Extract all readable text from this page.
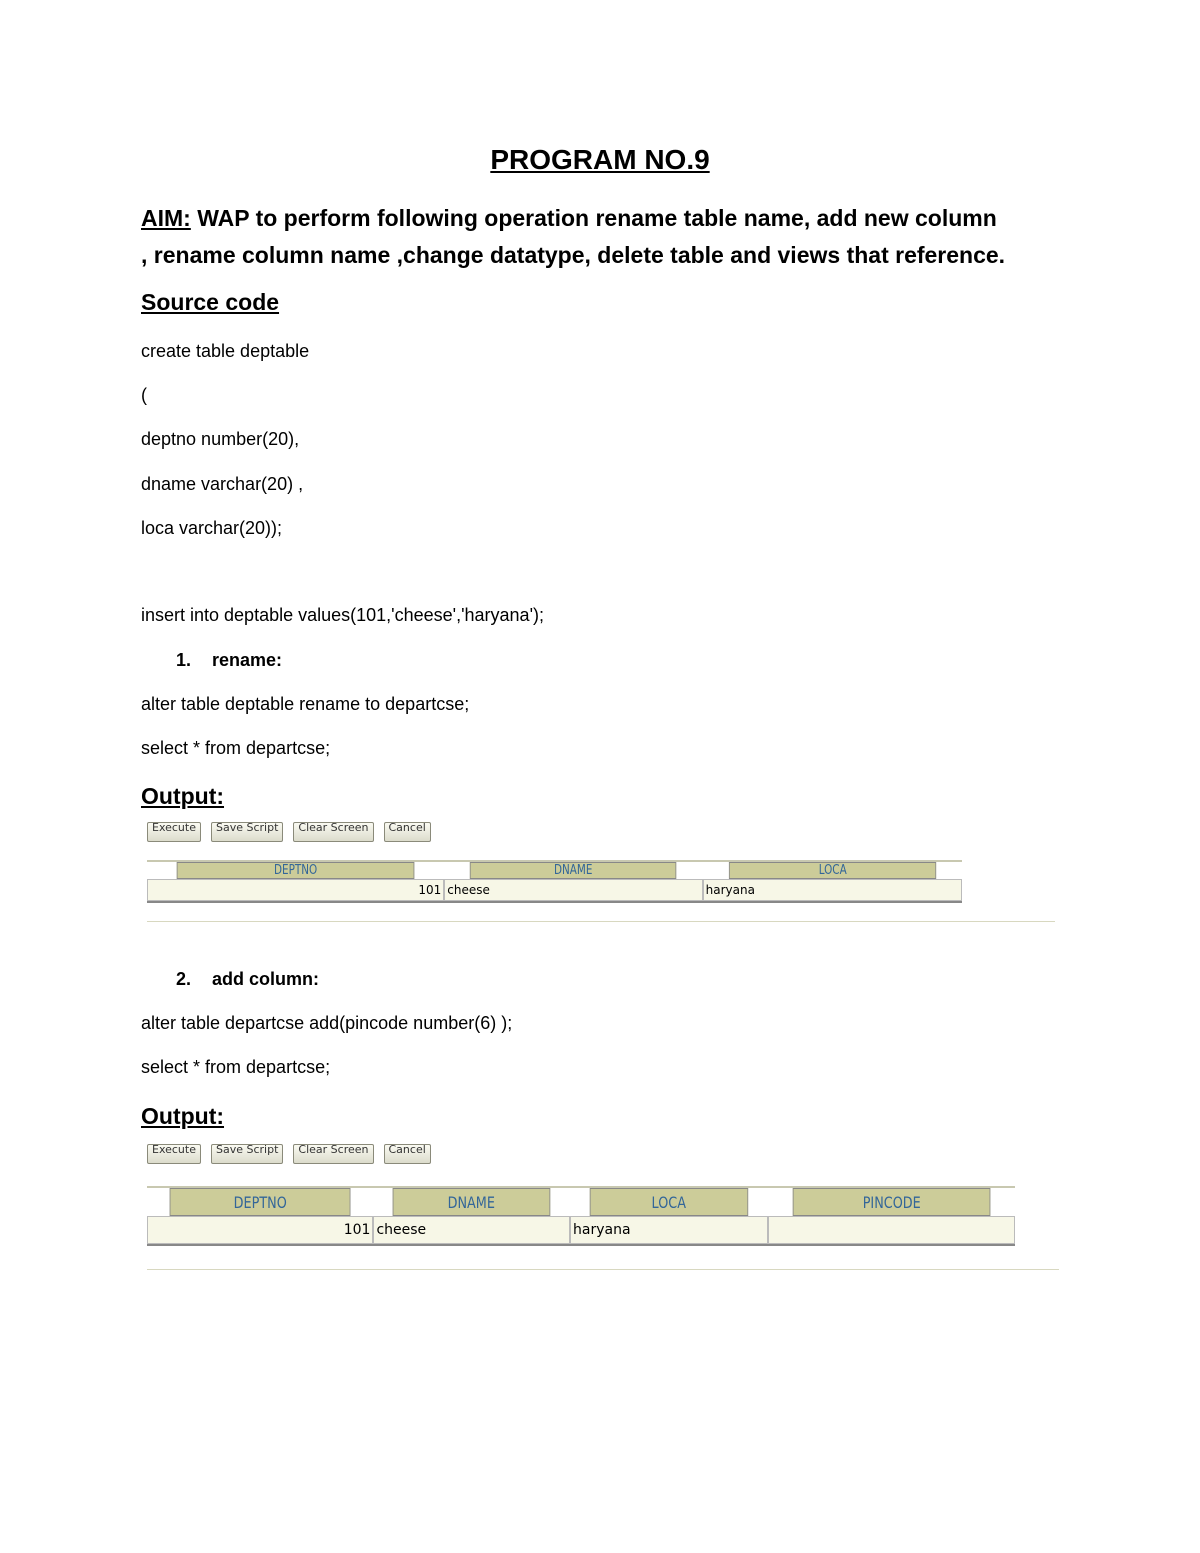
PROGRAM NO.9
AIM: WAP to perform following operation rename table name, add new column
, rename column name ,change datatype, delete table and views that reference.
Source code
create table deptable
(
deptno number(20),
dname varchar(20) ,
loca varchar(20));
insert into deptable values(101,'cheese','haryana');
1. rename:
alter table deptable rename to departcse;
select * from departcse;
Output:
Execute	Save Script	Clear Screen	Cancel
DEPTNO	DNAME	LOCA
101	cheese	haryana
2. add column:
alter table departcse add(pincode number(6) );
select * from departcse;
Output:
Execute	Save Script	Clear Screen	Cancel
DEPTNO	DNAME	LOCA	PINCODE
101	cheese	haryana	
